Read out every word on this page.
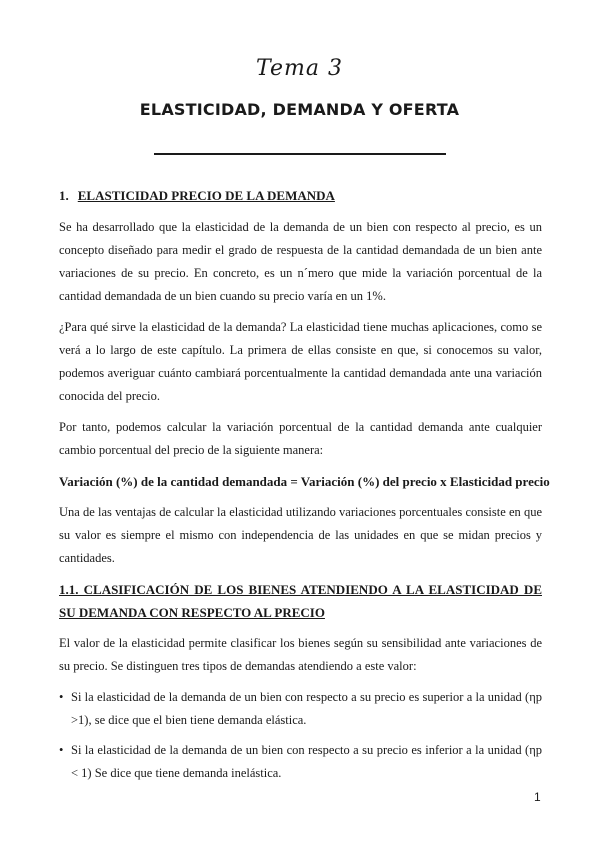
Tema 3
ELASTICIDAD, DEMANDA Y OFERTA
1. ELASTICIDAD PRECIO DE LA DEMANDA

Se ha desarrollado que la elasticidad de la demanda de un bien con respecto al precio, es un concepto diseñado para medir el grado de respuesta de la cantidad demandada de un bien ante variaciones de su precio. En concreto, es un n´mero que mide la variación porcentual de la cantidad demandada de un bien cuando su precio varía en un 1%.

¿Para qué sirve la elasticidad de la demanda? La elasticidad tiene muchas aplicaciones, como se verá a lo largo de este capítulo. La primera de ellas consiste en que, si conocemos su valor, podemos averiguar cuánto cambiará porcentualmente la cantidad demandada ante una variación conocida del precio.

Por tanto, podemos calcular la variación porcentual de la cantidad demanda ante cualquier cambio porcentual del precio de la siguiente manera:

Variación (%) de la cantidad demandada = Variación (%) del precio x Elasticidad precio

Una de las ventajas de calcular la elasticidad utilizando variaciones porcentuales consiste en que su valor es siempre el mismo con independencia de las unidades en que se midan precios y cantidades.

1.1. CLASIFICACIÓN DE LOS BIENES ATENDIENDO A LA ELASTICIDAD DE SU DEMANDA CON RESPECTO AL PRECIO

El valor de la elasticidad permite clasificar los bienes según su sensibilidad ante variaciones de su precio. Se distinguen tres tipos de demandas atendiendo a este valor:

• Si la elasticidad de la demanda de un bien con respecto a su precio es superior a la unidad (ηp >1), se dice que el bien tiene demanda elástica.
• Si la elasticidad de la demanda de un bien con respecto a su precio es inferior a la unidad (ηp < 1) Se dice que tiene demanda inelástica.
1
